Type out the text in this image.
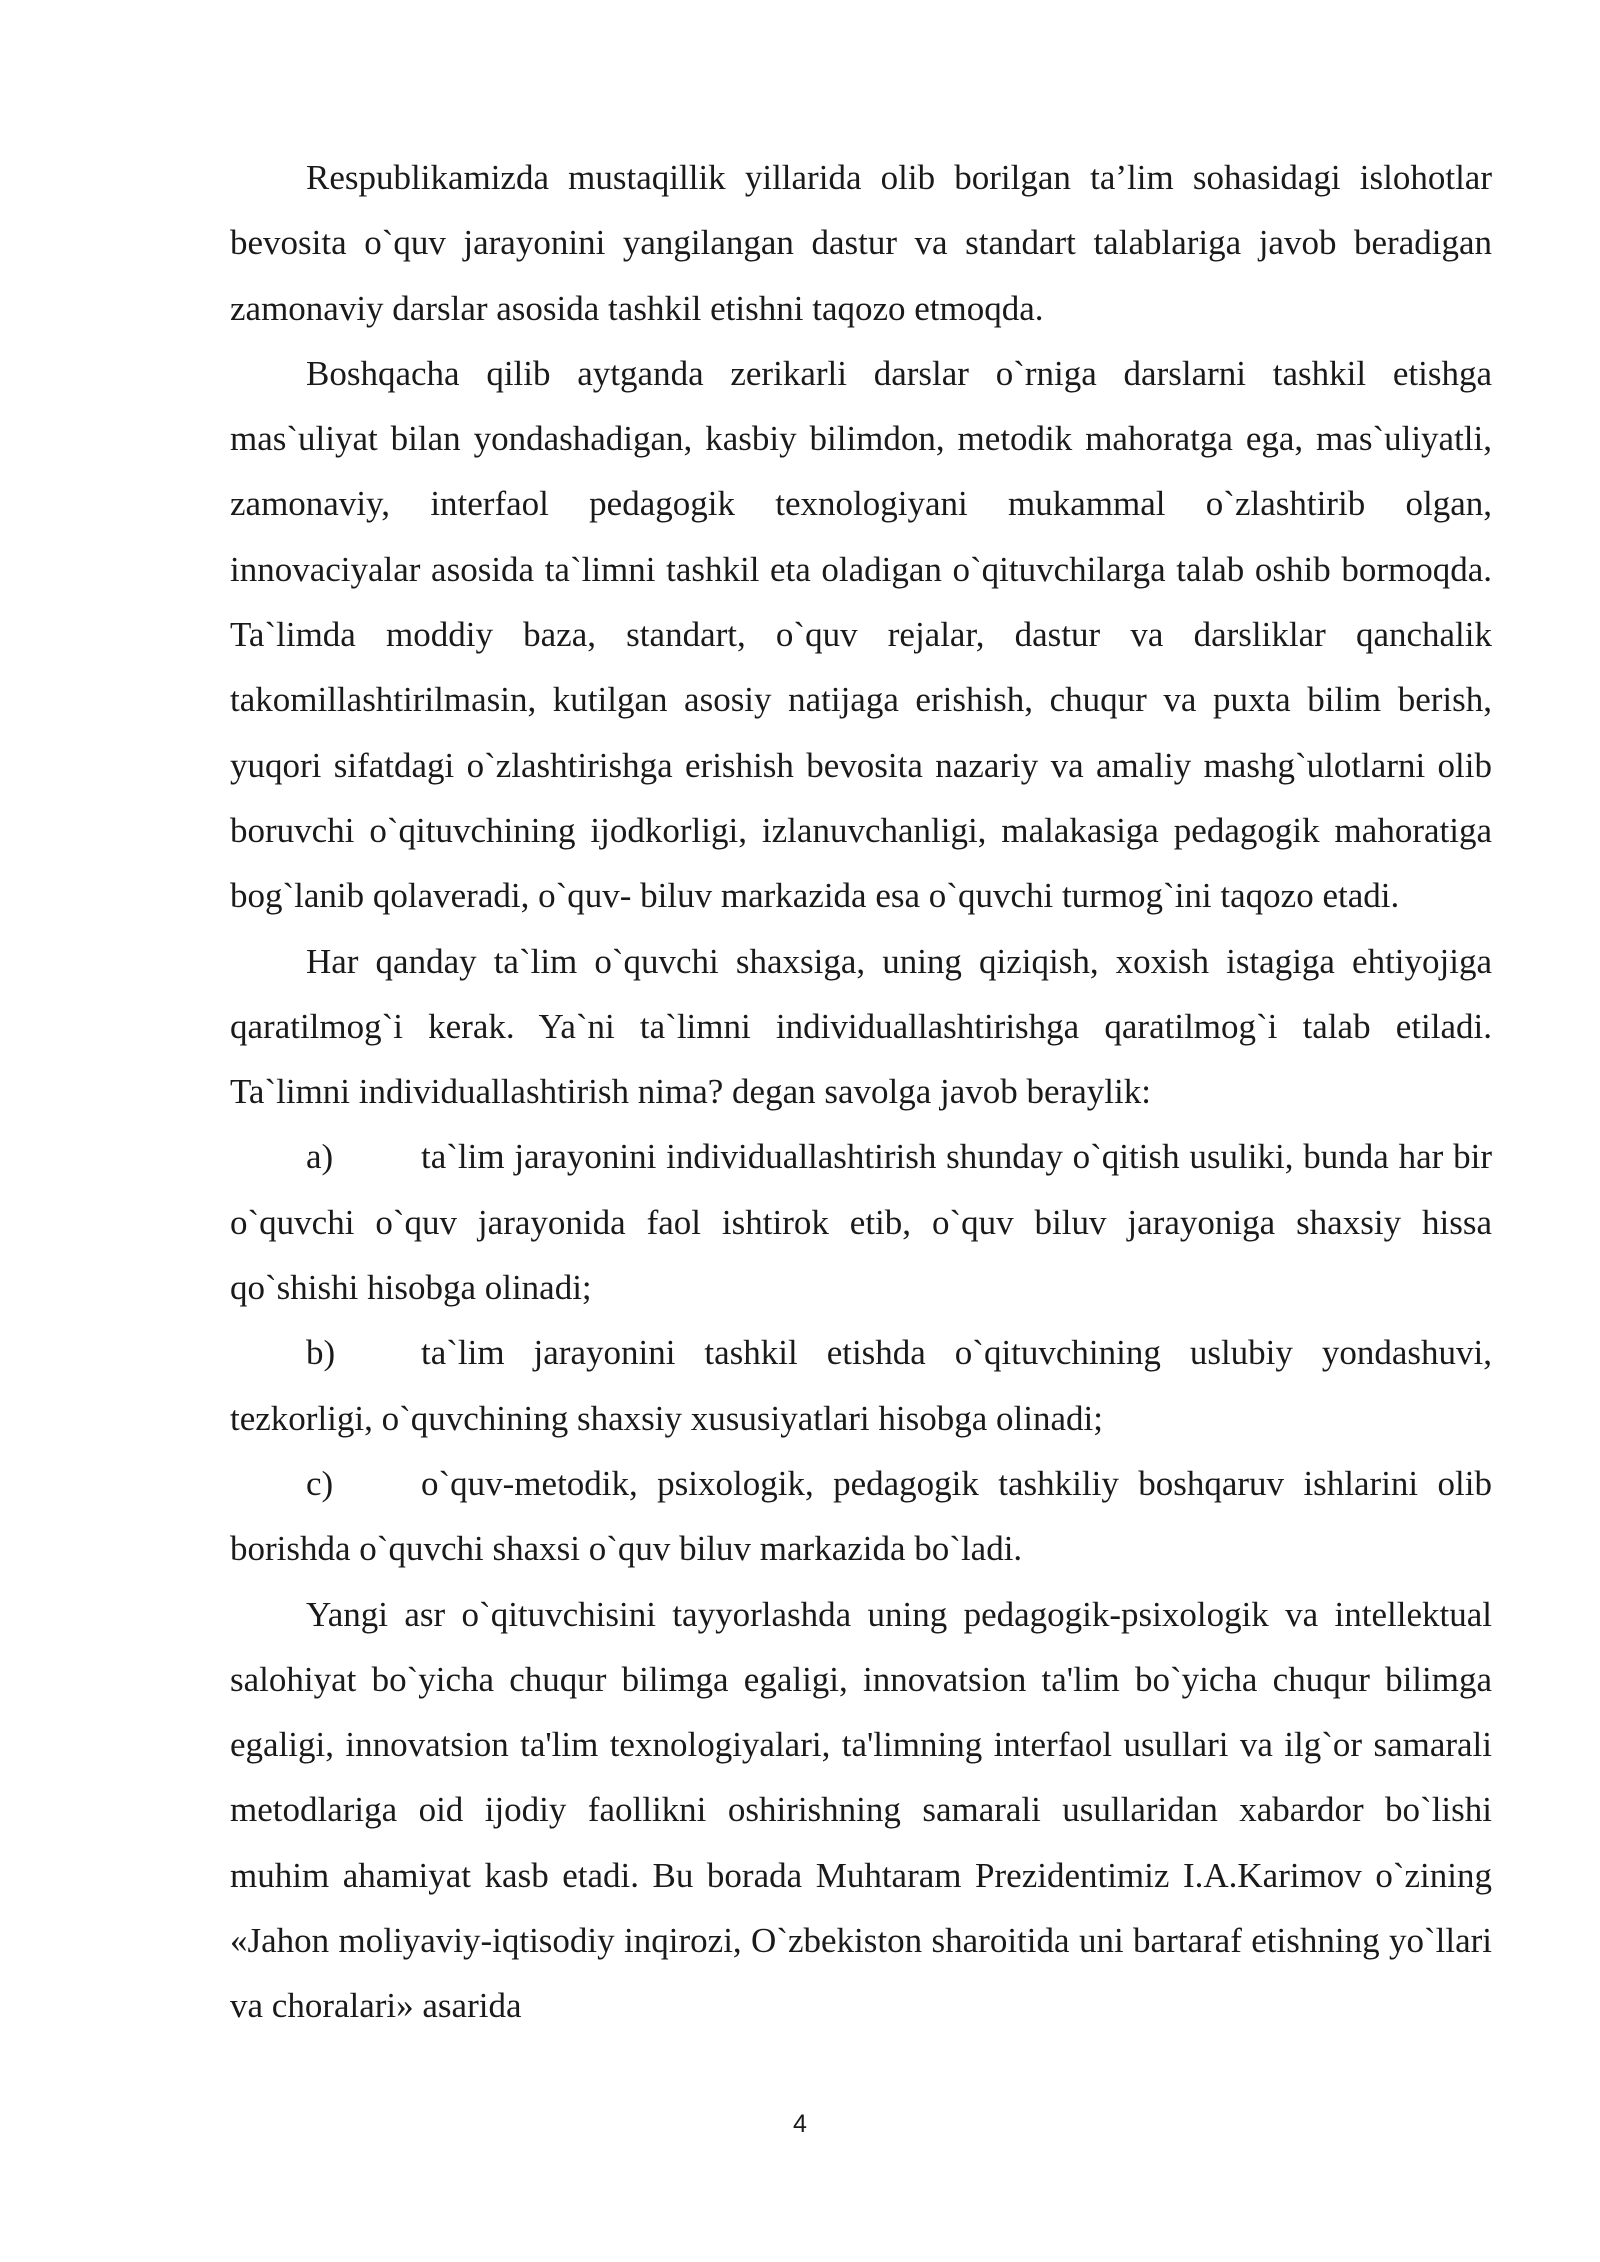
Respublikamizda mustaqillik yillarida olib borilgan ta’lim sohasidagi islohotlar bevosita o`quv jarayonini yangilangan dastur va standart talablariga javob beradigan zamonaviy darslar asosida tashkil etishni taqozo etmoqda.

Boshqacha qilib aytganda zerikarli darslar o`rniga darslarni tashkil etishga mas`uliyat bilan yondashadigan, kasbiy bilimdon, metodik mahoratga ega, mas`uliyatli, zamonaviy, interfaol pedagogik texnologiyani mukammal o`zlashtirib olgan, innovaciyalar asosida ta`limni tashkil eta oladigan o`qituvchilarga talab oshib bormoqda. Ta`limda moddiy baza, standart, o`quv rejalar, dastur va darsliklar qanchalik takomillashtirilmasin, kutilgan asosiy natijaga erishish, chuqur va puxta bilim berish, yuqori sifatdagi o`zlashtirishga erishish bevosita nazariy va amaliy mashg`ulotlarni olib boruvchi o`qituvchining ijodkorligi, izlanuvchanligi, malakasiga pedagogik mahoratiga bog`lanib qolaveradi, o`quv- biluv markazida esa o`quvchi turmog`ini taqozo etadi.

Har qanday ta`lim o`quvchi shaxsiga, uning qiziqish, xoxish istagiga ehtiyojiga qaratilmog`i kerak. Ya`ni ta`limni individuallashtirishga qaratilmog`i talab etiladi. Ta`limni individuallashtirish nima? degan savolga javob beraylik:

a)	ta`lim jarayonini individuallashtirish shunday o`qitish usuliki, bunda har bir o`quvchi o`quv jarayonida faol ishtirok etib, o`quv biluv jarayoniga shaxsiy hissa qo`shishi hisobga olinadi;

b) ta`lim jarayonini tashkil etishda o`qituvchining uslubiy yondashuvi, tezkorligi, o`quvchining shaxsiy xususiyatlari hisobga olinadi;

c)	o`quv-metodik, psixologik, pedagogik tashkiliy boshqaruv ishlarini olib borishda o`quvchi shaxsi o`quv biluv markazida bo`ladi.

Yangi asr o`qituvchisini tayyorlashda uning pedagogik-psixologik va intellektual salohiyat bo`yicha chuqur bilimga egaligi, innovatsion ta'lim bo`yicha chuqur bilimga egaligi, innovatsion ta'lim texnologiyalari, ta'limning interfaol usullari va ilg`or samarali metodlariga oid ijodiy faollikni oshirishning samarali usullaridan xabardor bo`lishi muhim ahamiyat kasb etadi. Bu borada Muhtaram Prezidentimiz I.A.Karimov o`zining «Jahon moliyaviy-iqtisodiy inqirozi, O`zbekiston sharoitida uni bartaraf etishning yo`llari va choralari» asarida

4
